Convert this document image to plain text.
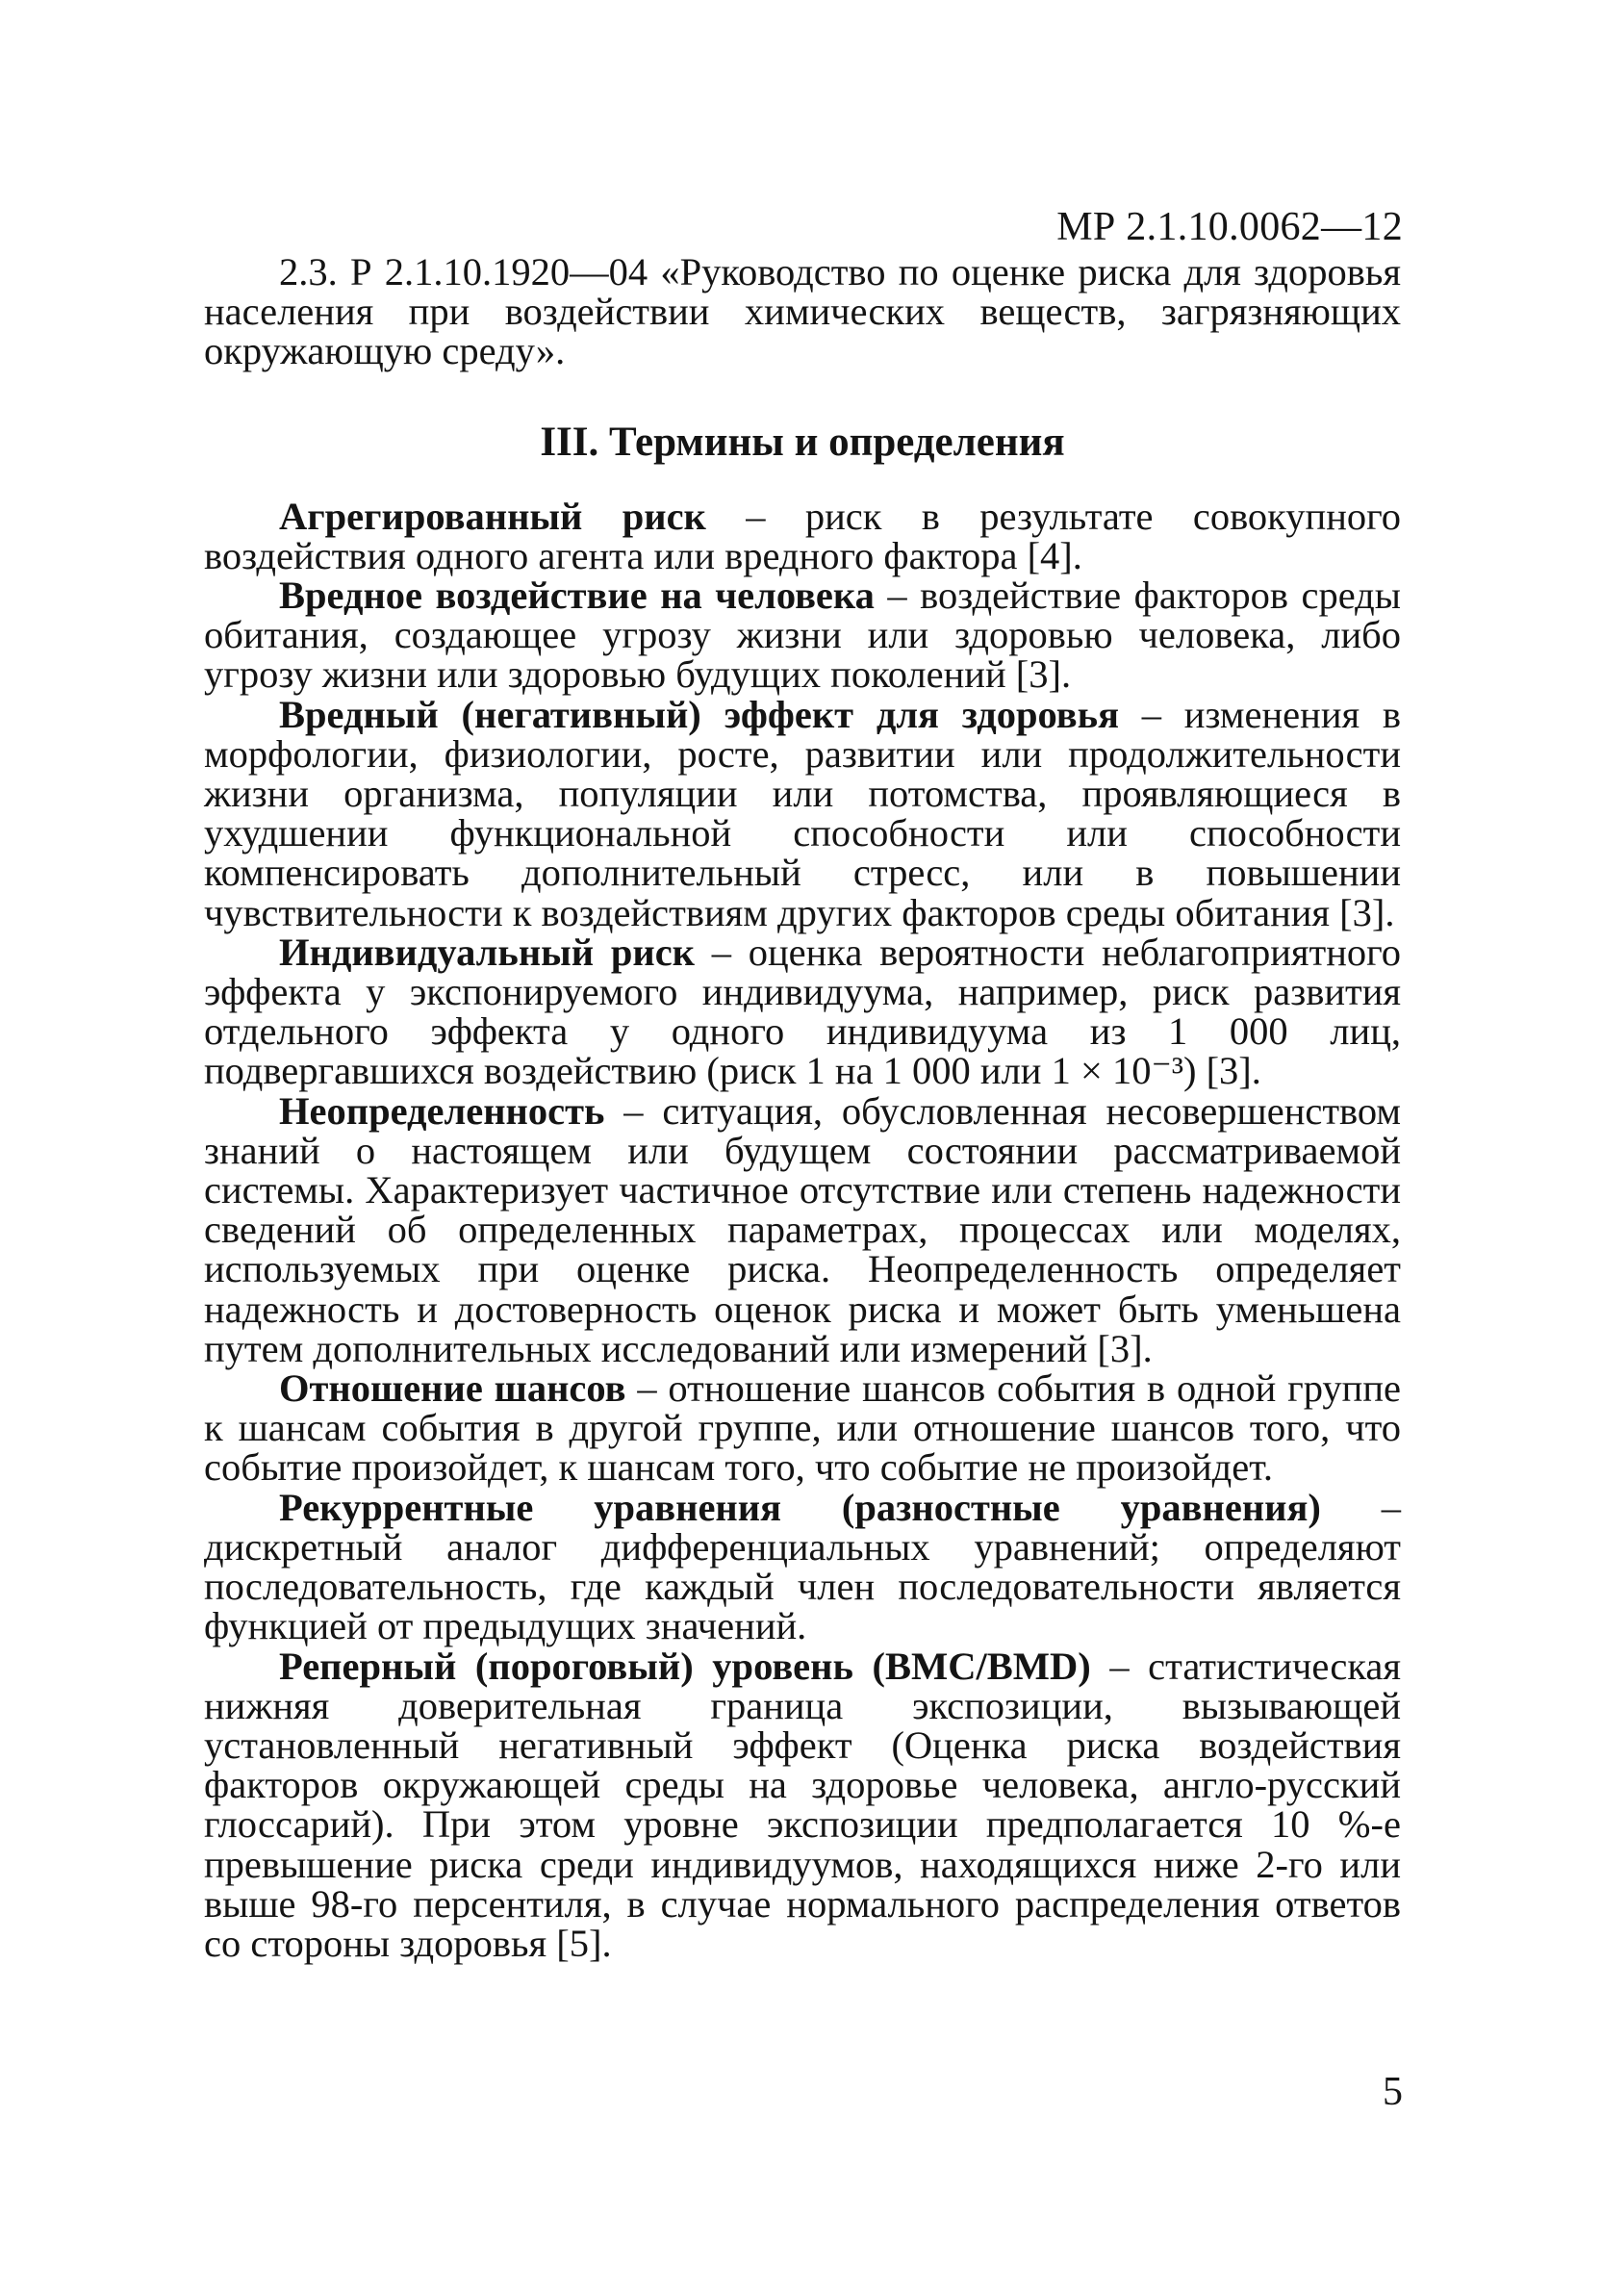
МР 2.1.10.0062—12

2.3. Р 2.1.10.1920—04 «Руководство по оценке риска для здоровья населения при воздействии химических веществ, загрязняющих окружающую среду».

III. Термины и определения

Агрегированный риск – риск в результате совокупного воздействия одного агента или вредного фактора [4].

Вредное воздействие на человека – воздействие факторов среды обитания, создающее угрозу жизни или здоровью человека, либо угрозу жизни или здоровью будущих поколений [3].

Вредный (негативный) эффект для здоровья – изменения в морфологии, физиологии, росте, развитии или продолжительности жизни организма, популяции или потомства, проявляющиеся в ухудшении функциональной способности или способности компенсировать дополнительный стресс, или в повышении чувствительности к воздействиям других факторов среды обитания [3].

Индивидуальный риск – оценка вероятности неблагоприятного эффекта у экспонируемого индивидуума, например, риск развития отдельного эффекта у одного индивидуума из 1 000 лиц, подвергавшихся воздействию (риск 1 на 1 000 или 1 × 10⁻³) [3].

Неопределенность – ситуация, обусловленная несовершенством знаний о настоящем или будущем состоянии рассматриваемой системы. Характеризует частичное отсутствие или степень надежности сведений об определенных параметрах, процессах или моделях, используемых при оценке риска. Неопределенность определяет надежность и достоверность оценок риска и может быть уменьшена путем дополнительных исследований или измерений [3].

Отношение шансов – отношение шансов события в одной группе к шансам события в другой группе, или отношение шансов того, что событие произойдет, к шансам того, что событие не произойдет.

Рекуррентные уравнения (разностные уравнения) – дискретный аналог дифференциальных уравнений; определяют последовательность, где каждый член последовательности является функцией от предыдущих значений.

Реперный (пороговый) уровень (BMC/BMD) – статистическая нижняя доверительная граница экспозиции, вызывающей установленный негативный эффект (Оценка риска воздействия факторов окружающей среды на здоровье человека, англо-русский глоссарий). При этом уровне экспозиции предполагается 10 %-е превышение риска среди индивидуумов, находящихся ниже 2-го или выше 98-го персентиля, в случае нормального распределения ответов со стороны здоровья [5].

5
